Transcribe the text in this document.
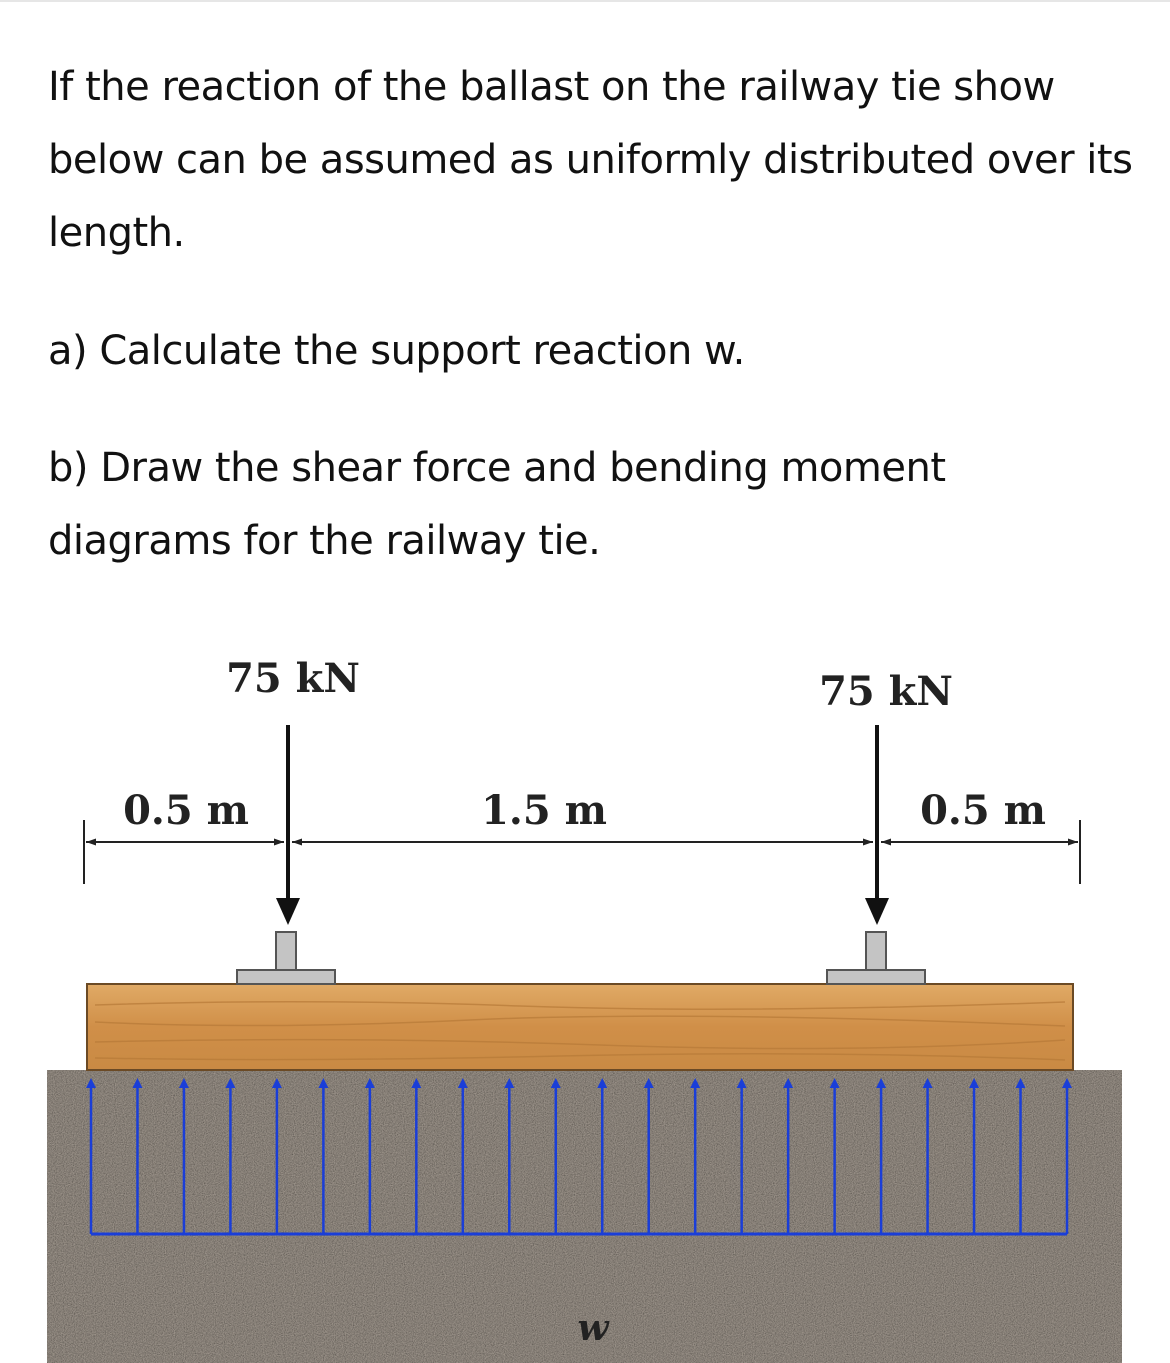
If the reaction of the ballast on the railway tie show below can be assumed as uniformly distributed over its length.

a) Calculate the support reaction w.

b) Draw the shear force and bending moment diagrams for the railway tie.

75 kN	75 kN
0.5 m	1.5 m	0.5 m
w
